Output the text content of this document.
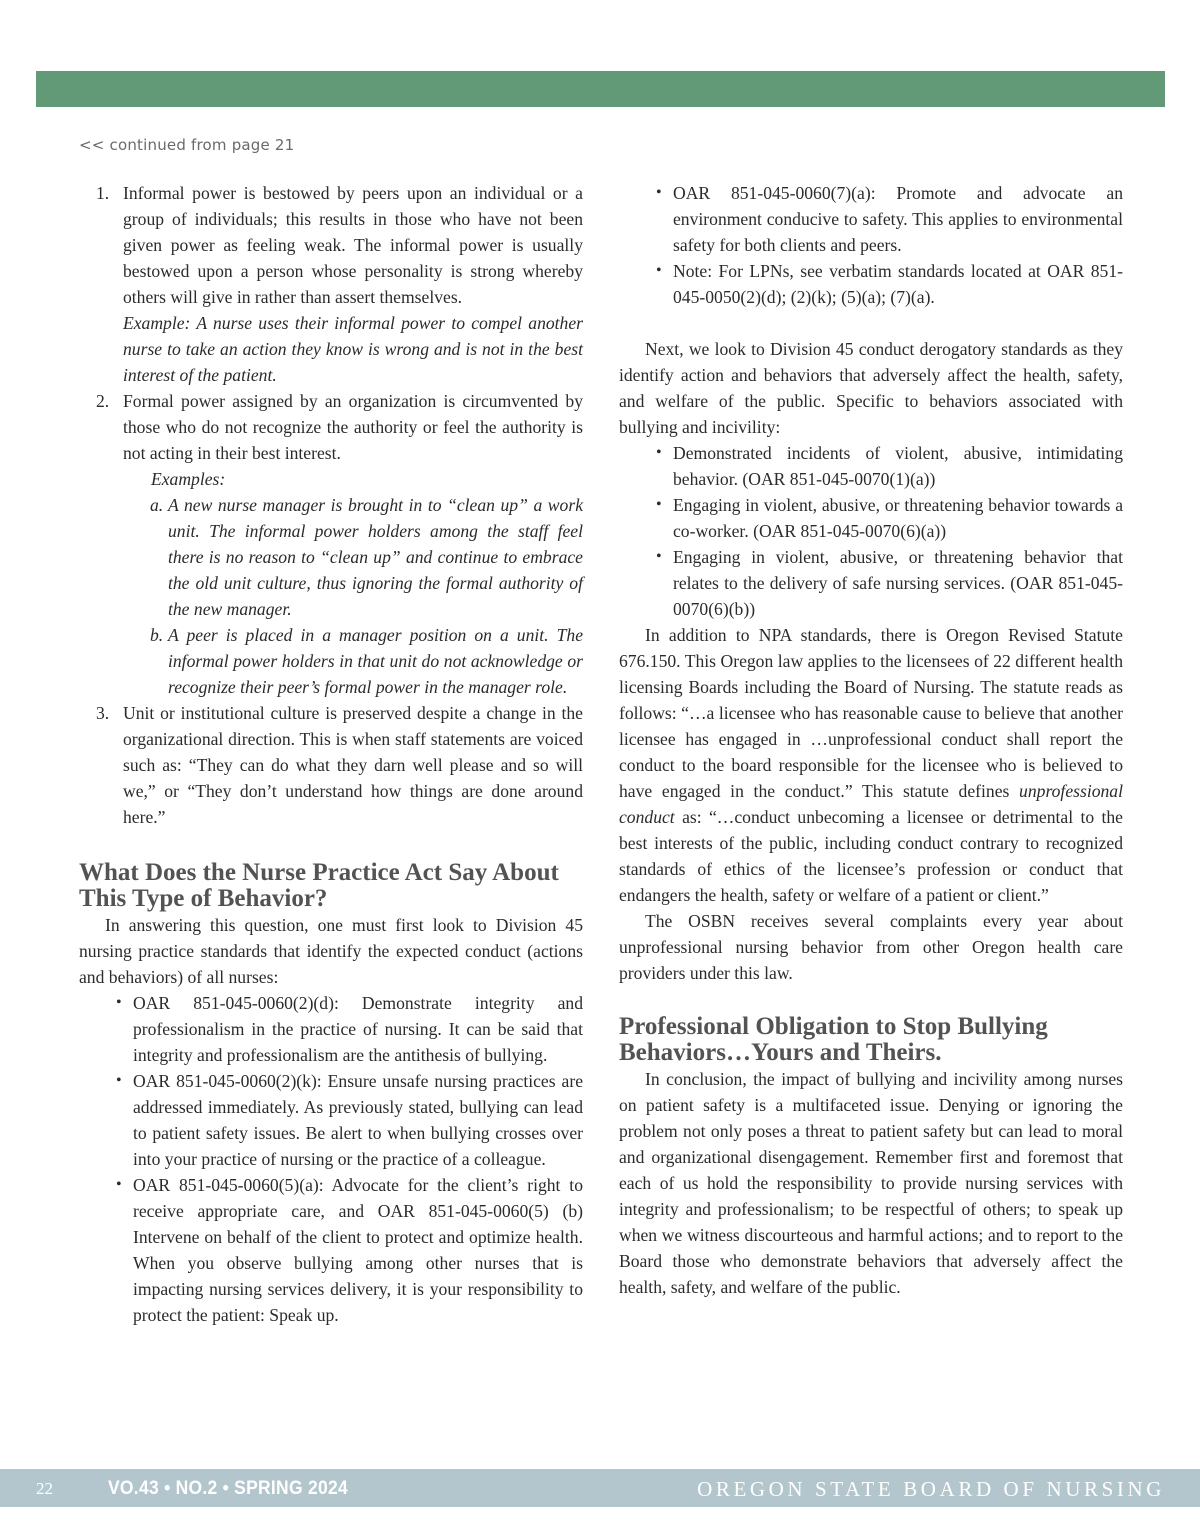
<< continued from page 21
1. Informal power is bestowed by peers upon an individual or a group of individuals; this results in those who have not been given power as feeling weak. The informal power is usually bestowed upon a person whose personality is strong whereby others will give in rather than assert themselves.
Example: A nurse uses their informal power to compel another nurse to take an action they know is wrong and is not in the best interest of the patient.
2. Formal power assigned by an organization is circumvented by those who do not recognize the authority or feel the authority is not acting in their best interest.
Examples:
a. A new nurse manager is brought in to “clean up” a work unit. The informal power holders among the staff feel there is no reason to “clean up” and continue to embrace the old unit culture, thus ignoring the formal authority of the new manager.
b. A peer is placed in a manager position on a unit. The informal power holders in that unit do not acknowledge or recognize their peer’s formal power in the manager role.
3. Unit or institutional culture is preserved despite a change in the organizational direction. This is when staff statements are voiced such as: “They can do what they darn well please and so will we,” or “They don’t understand how things are done around here.”
What Does the Nurse Practice Act Say About This Type of Behavior?

In answering this question, one must first look to Division 45 nursing practice standards that identify the expected conduct (actions and behaviors) of all nurses:

• OAR 851-045-0060(2)(d): Demonstrate integrity and professionalism in the practice of nursing. It can be said that integrity and professionalism are the antithesis of bullying.
• OAR 851-045-0060(2)(k): Ensure unsafe nursing practices are addressed immediately. As previously stated, bullying can lead to patient safety issues. Be alert to when bullying crosses over into your practice of nursing or the practice of a colleague.
• OAR 851-045-0060(5)(a): Advocate for the client’s right to receive appropriate care, and OAR 851-045-0060(5) (b) Intervene on behalf of the client to protect and optimize health. When you observe bullying among other nurses that is impacting nursing services delivery, it is your responsibility to protect the patient: Speak up.
• OAR 851-045-0060(7)(a): Promote and advocate an environment conducive to safety. This applies to environmental safety for both clients and peers.
• Note: For LPNs, see verbatim standards located at OAR 851-045-0050(2)(d); (2)(k); (5)(a); (7)(a).

Next, we look to Division 45 conduct derogatory standards as they identify action and behaviors that adversely affect the health, safety, and welfare of the public. Specific to behaviors associated with bullying and incivility:

• Demonstrated incidents of violent, abusive, intimidating behavior. (OAR 851-045-0070(1)(a))
• Engaging in violent, abusive, or threatening behavior towards a co-worker. (OAR 851-045-0070(6)(a))
• Engaging in violent, abusive, or threatening behavior that relates to the delivery of safe nursing services. (OAR 851-045-0070(6)(b))

In addition to NPA standards, there is Oregon Revised Statute 676.150. This Oregon law applies to the licensees of 22 different health licensing Boards including the Board of Nursing. The statute reads as follows: “…a licensee who has reasonable cause to believe that another licensee has engaged in …unprofessional conduct shall report the conduct to the board responsible for the licensee who is believed to have engaged in the conduct.” This statute defines unprofessional conduct as: “…conduct unbecoming a licensee or detrimental to the best interests of the public, including conduct contrary to recognized standards of ethics of the licensee’s profession or conduct that endangers the health, safety or welfare of a patient or client.”

The OSBN receives several complaints every year about unprofessional nursing behavior from other Oregon health care providers under this law.

Professional Obligation to Stop Bullying Behaviors…Yours and Theirs.

In conclusion, the impact of bullying and incivility among nurses on patient safety is a multifaceted issue. Denying or ignoring the problem not only poses a threat to patient safety but can lead to moral and organizational disengagement. Remember first and foremost that each of us hold the responsibility to provide nursing services with integrity and professionalism; to be respectful of others; to speak up when we witness discourteous and harmful actions; and to report to the Board those who demonstrate behaviors that adversely affect the health, safety, and welfare of the public.

22	VO.43 • NO.2 • SPRING 2024	OREGON STATE BOARD OF NURSING
